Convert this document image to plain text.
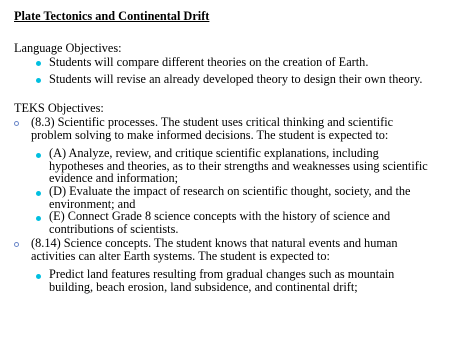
Plate Tectonics and Continental Drift
Language Objectives:
Students will compare different theories on the creation of Earth.
Students will revise an already developed theory to design their own theory.
TEKS Objectives:
(8.3) Scientific processes. The student uses critical thinking and scientific problem solving to make informed decisions. The student is expected to:
(A) Analyze, review, and critique scientific explanations, including hypotheses and theories, as to their strengths and weaknesses using scientific evidence and information;
(D) Evaluate the impact of research on scientific thought, society, and the environment; and
(E) Connect Grade 8 science concepts with the history of science and contributions of scientists.
(8.14) Science concepts. The student knows that natural events and human activities can alter Earth systems. The student is expected to:
Predict land features resulting from gradual changes such as mountain building, beach erosion, land subsidence, and continental drift;
